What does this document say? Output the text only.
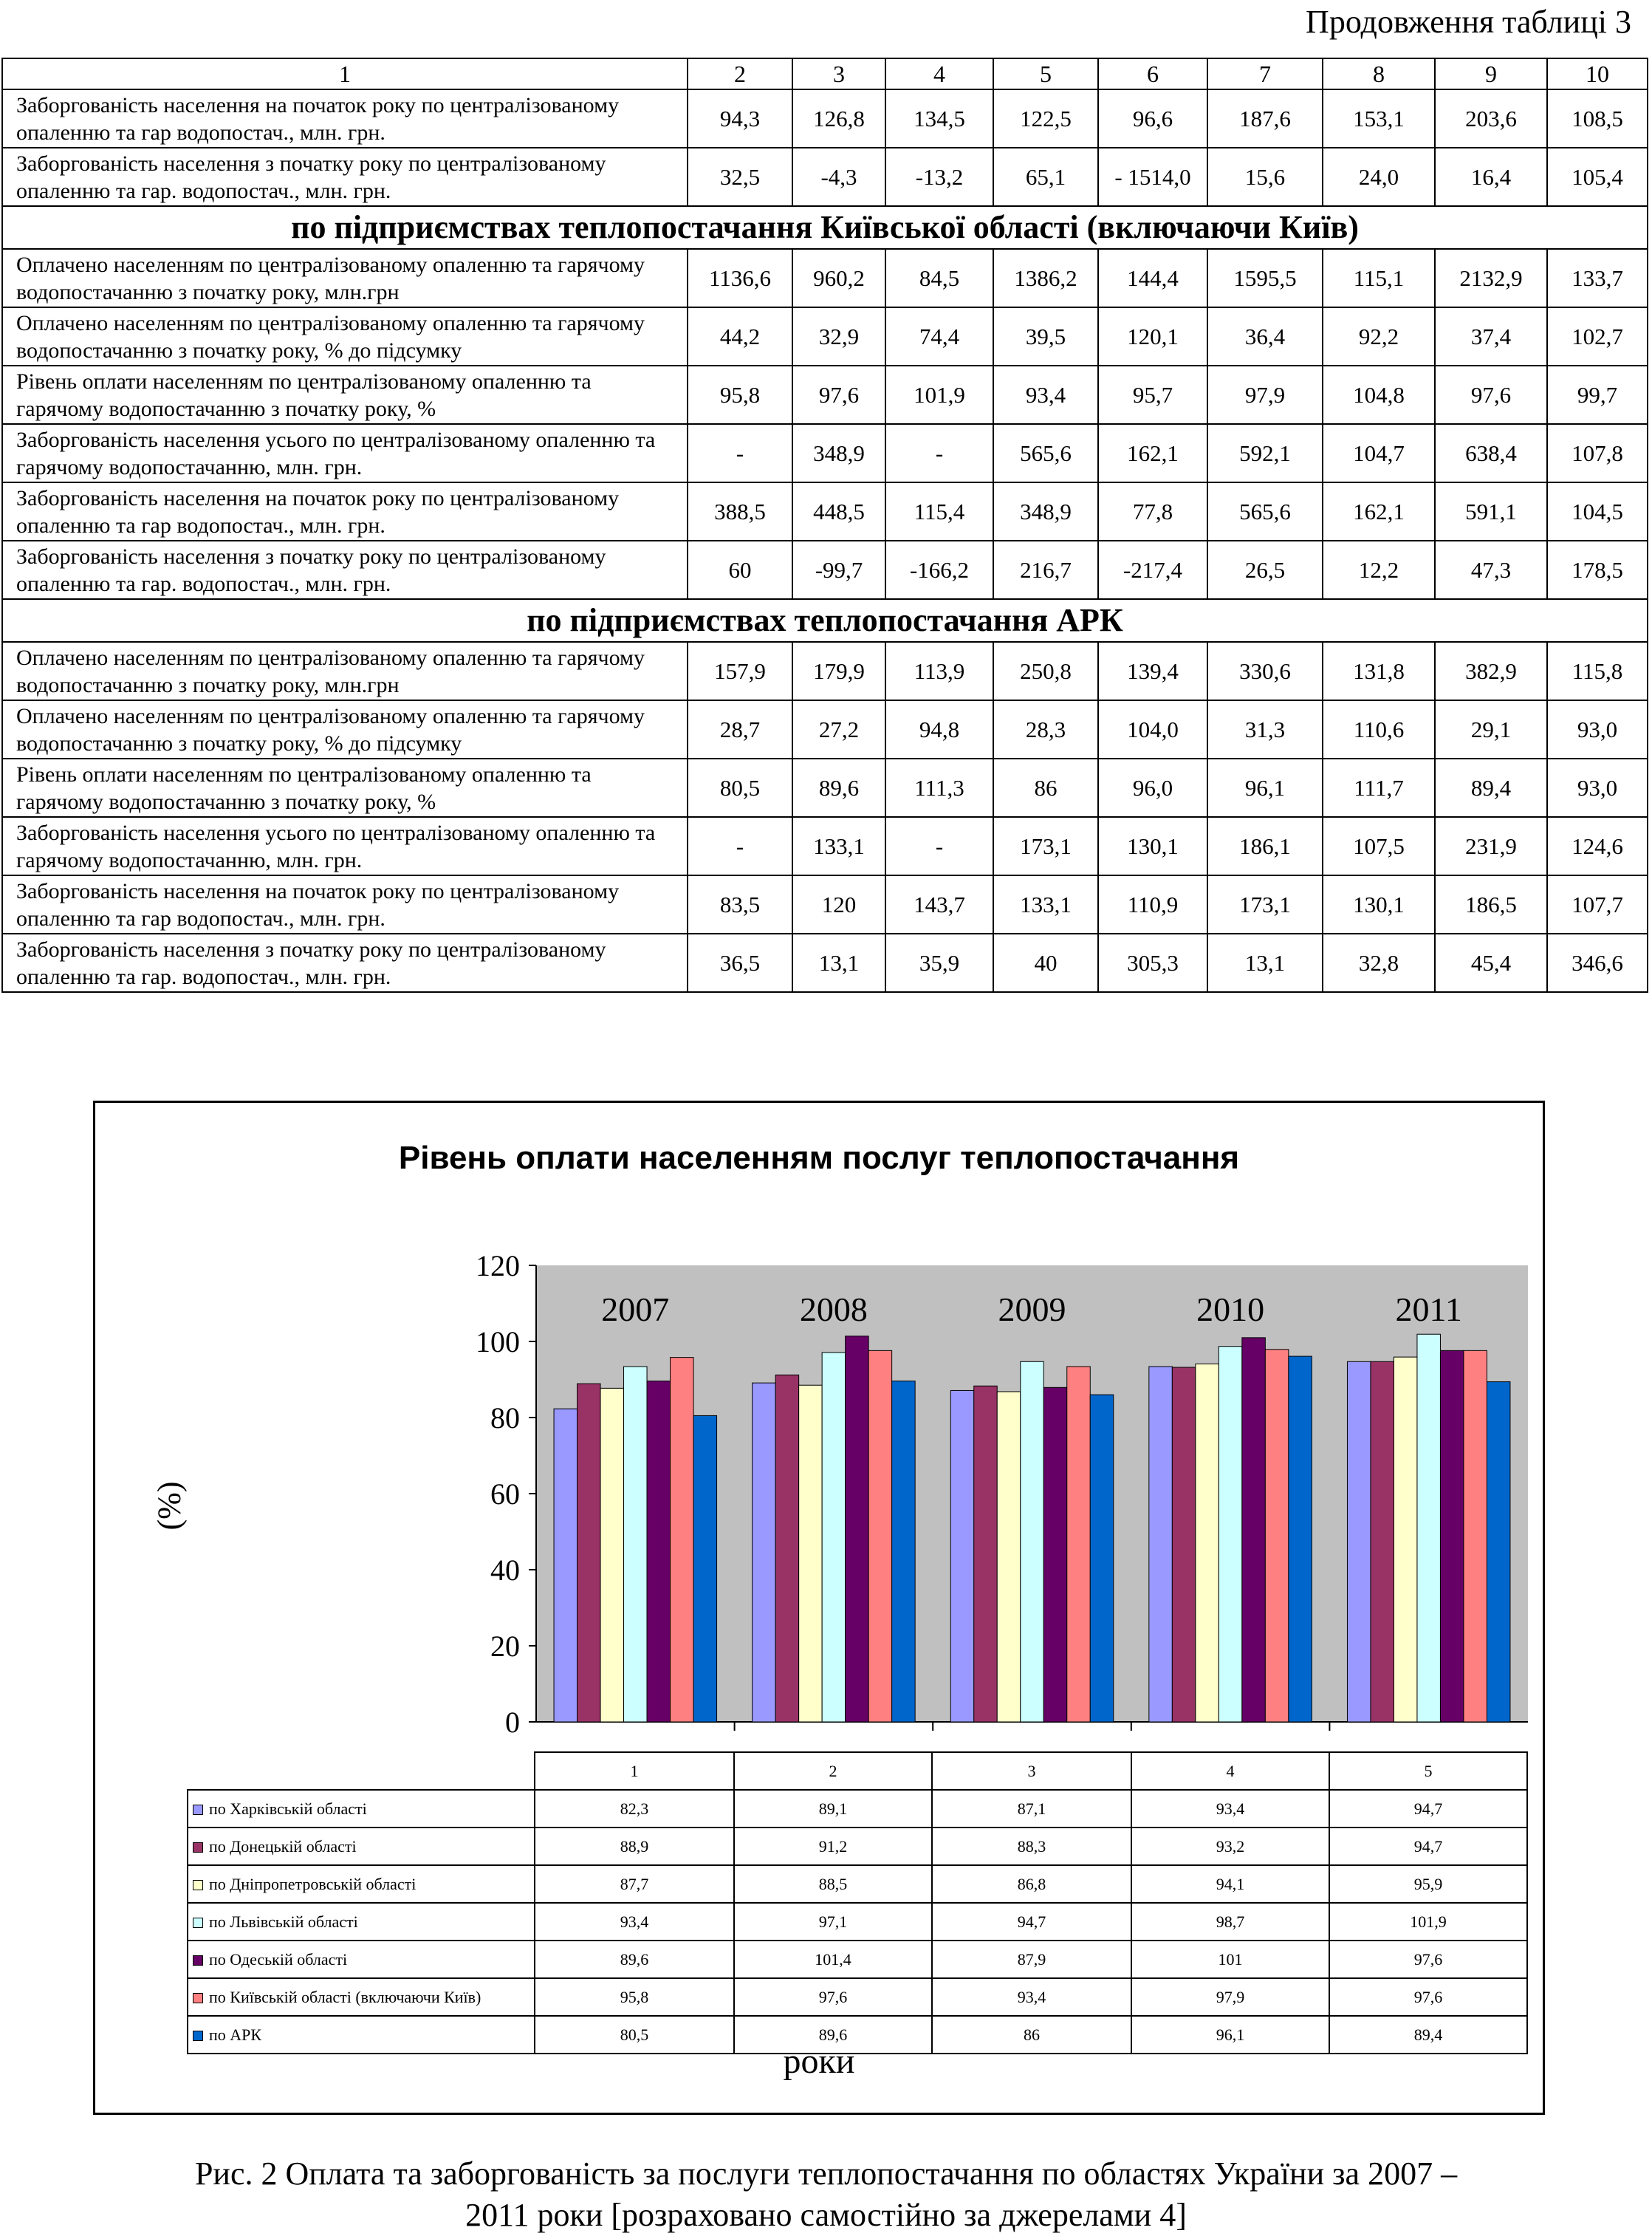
Продовження таблиці 3
1	2	3	4	5	6	7	8	9	10
Заборгованість населення на початок року по централізованому опаленню та гар водопостач., млн. грн.	94,3	126,8	134,5	122,5	96,6	187,6	153,1	203,6	108,5
Заборгованість населення з початку року по централізованому опаленню та гар. водопостач., млн. грн.	32,5	-4,3	-13,2	65,1	- 1514,0	15,6	24,0	16,4	105,4
по підприємствах теплопостачання Київської області (включаючи Київ)									
Оплачено населенням по централізованому опаленню та гарячому водопостачанню з початку року, млн.грн	1136,6	960,2	84,5	1386,2	144,4	1595,5	115,1	2132,9	133,7
Оплачено населенням по централізованому опаленню та гарячому водопостачанню з початку року, % до підсумку	44,2	32,9	74,4	39,5	120,1	36,4	92,2	37,4	102,7
Рівень оплати населенням по централізованому опаленню та гарячому водопостачанню з початку року, %	95,8	97,6	101,9	93,4	95,7	97,9	104,8	97,6	99,7
Заборгованість населення усього по централізованому опаленню та гарячому водопостачанню, млн. грн.	-	348,9	-	565,6	162,1	592,1	104,7	638,4	107,8
Заборгованість населення на початок року по централізованому опаленню та гар водопостач., млн. грн.	388,5	448,5	115,4	348,9	77,8	565,6	162,1	591,1	104,5
Заборгованість населення з початку року по централізованому опаленню та гар. водопостач., млн. грн.	60	-99,7	-166,2	216,7	-217,4	26,5	12,2	47,3	178,5
по підприємствах теплопостачання АРК									
Оплачено населенням по централізованому опаленню та гарячому водопостачанню з початку року, млн.грн	157,9	179,9	113,9	250,8	139,4	330,6	131,8	382,9	115,8
Оплачено населенням по централізованому опаленню та гарячому водопостачанню з початку року, % до підсумку	28,7	27,2	94,8	28,3	104,0	31,3	110,6	29,1	93,0
Рівень оплати населенням по централізованому опаленню та гарячому водопостачанню з початку року, %	80,5	89,6	111,3	86	96,0	96,1	111,7	89,4	93,0
Заборгованість населення усього по централізованому опаленню та гарячому водопостачанню, млн. грн.	-	133,1	-	173,1	130,1	186,1	107,5	231,9	124,6
Заборгованість населення на початок року по централізованому опаленню та гар водопостач., млн. грн.	83,5	120	143,7	133,1	110,9	173,1	130,1	186,5	107,7
Заборгованість населення з початку року по централізованому опаленню та гар. водопостач., млн. грн.	36,5	13,1	35,9	40	305,3	13,1	32,8	45,4	346,6
Рівень оплати населенням послуг теплопостачання
(%)
0
20
40
60
80
100
120
2007	2008	2009	2010	2011
	1	2	3	4	5
по Харківській області	82,3	89,1	87,1	93,4	94,7
по Донецькій області	88,9	91,2	88,3	93,2	94,7
по Дніпропетровській області	87,7	88,5	86,8	94,1	95,9
по Львівській області	93,4	97,1	94,7	98,7	101,9
по Одеській області	89,6	101,4	87,9	101	97,6
по Київській області (включаючи Київ)	95,8	97,6	93,4	97,9	97,6
по АРК	80,5	89,6	86	96,1	89,4
роки
Рис. 2 Оплата та заборгованість за послуги теплопостачання по областях України за 2007 –
2011 роки [розраховано самостійно за джерелами 4]
